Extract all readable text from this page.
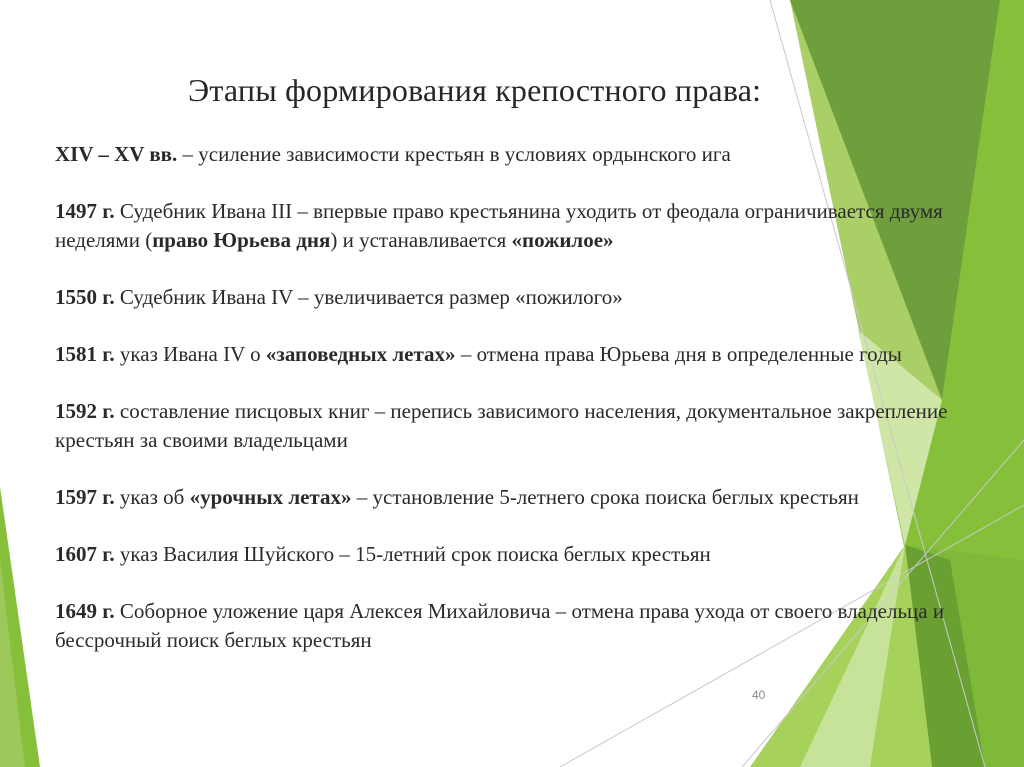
Этапы формирования крепостного права:

XIV – XV вв. – усиление зависимости крестьян в условиях ордынского ига

1497 г. Судебник Ивана III – впервые право крестьянина уходить от феодала ограничивается двумя неделями (право Юрьева дня) и устанавливается «пожилое»

1550 г. Судебник Ивана IV – увеличивается размер «пожилого»

1581 г. указ Ивана IV о «заповедных летах» – отмена права Юрьева дня в определенные годы

1592 г. составление писцовых книг – перепись зависимого населения, документальное закрепление крестьян за своими владельцами

1597 г. указ об «урочных летах» – установление 5-летнего срока поиска беглых крестьян

1607 г. указ Василия Шуйского – 15-летний срок поиска беглых крестьян

1649 г. Соборное уложение царя Алексея Михайловича – отмена права ухода от своего владельца и бессрочный поиск беглых крестьян

40
